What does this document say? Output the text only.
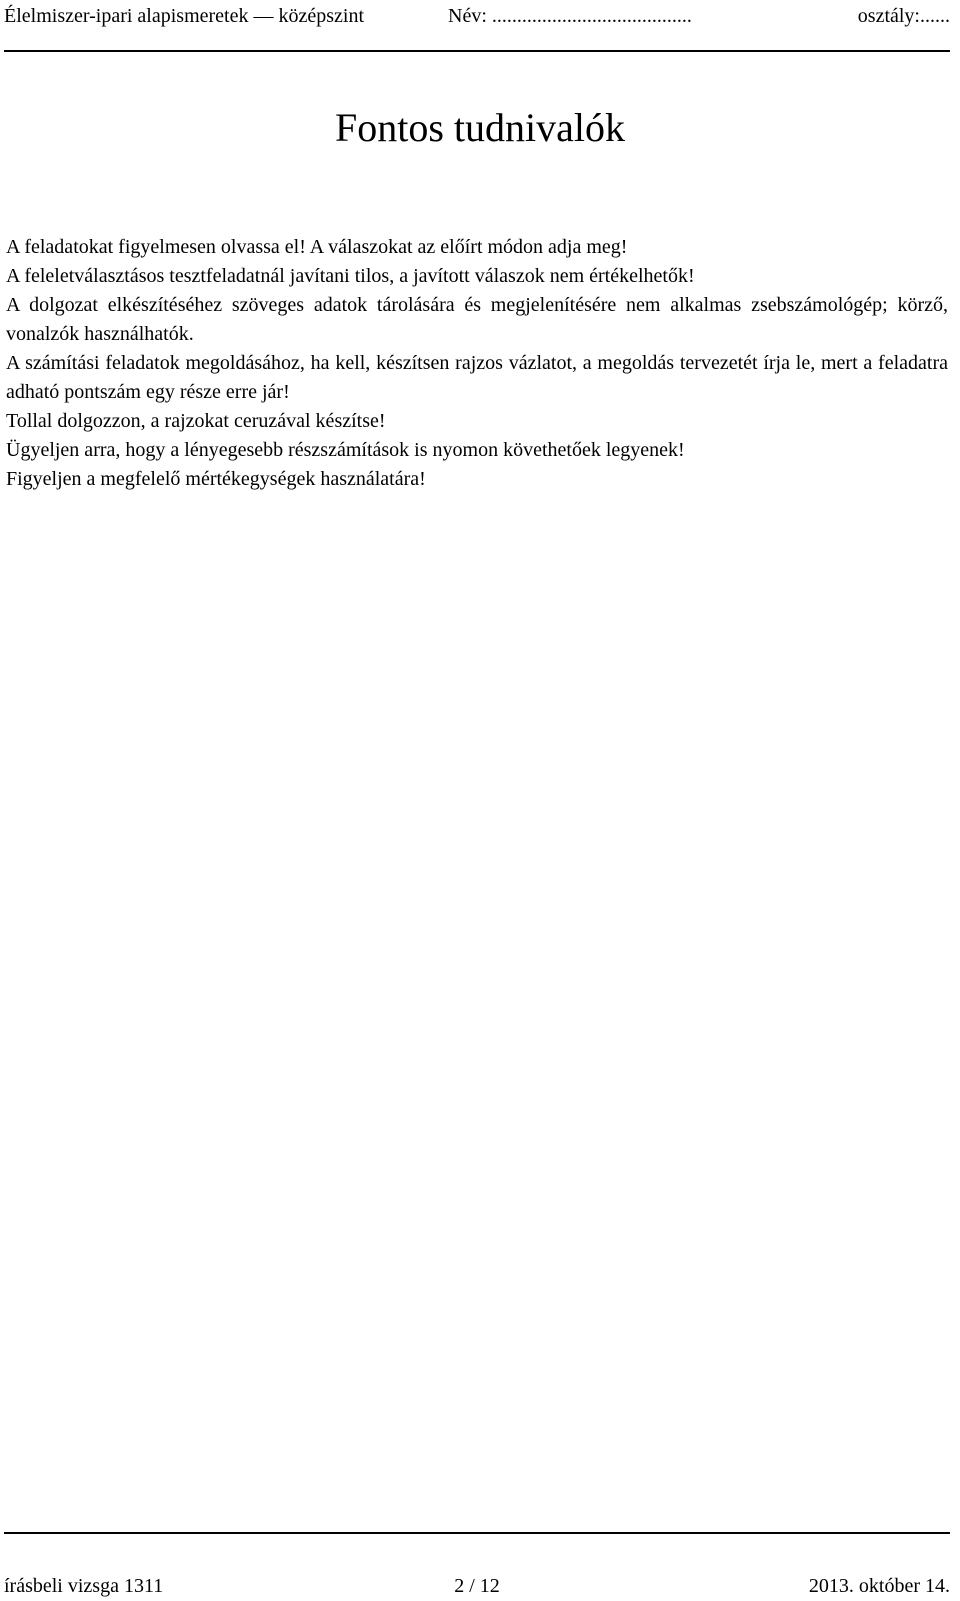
Élelmiszer-ipari alapismeretek — középszint	Név: ........................................	osztály:......
Fontos tudnivalók

A feladatokat figyelmesen olvassa el! A válaszokat az előírt módon adja meg!

A feleletválasztásos tesztfeladatnál javítani tilos, a javított válaszok nem értékelhetők!

A dolgozat elkészítéséhez szöveges adatok tárolására és megjelenítésére nem alkalmas zsebszámológép; körző, vonalzók használhatók.

A számítási feladatok megoldásához, ha kell, készítsen rajzos vázlatot, a megoldás tervezetét írja le, mert a feladatra adható pontszám egy része erre jár!

Tollal dolgozzon, a rajzokat ceruzával készítse!

Ügyeljen arra, hogy a lényegesebb részszámítások is nyomon követhetőek legyenek!

Figyeljen a megfelelő mértékegységek használatára!

írásbeli vizsga 1311	2 / 12	2013. október 14.
